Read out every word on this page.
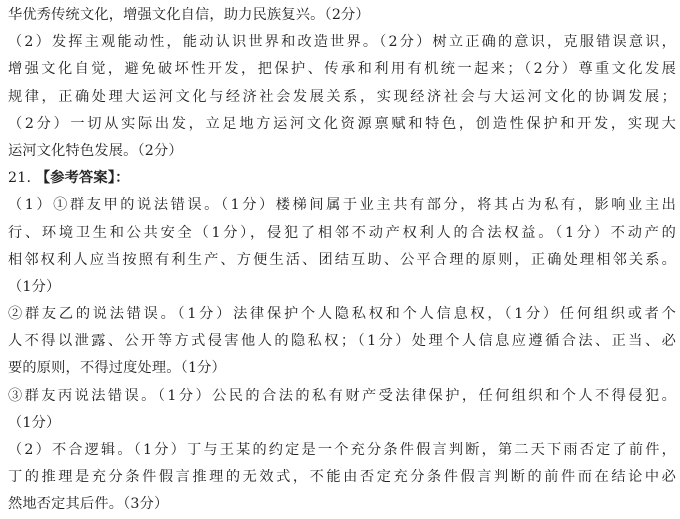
华优秀传统文化，增强文化自信，助力民族复兴。（2分）
（2）发挥主观能动性，能动认识世界和改造世界。（2分）树立正确的意识，克服错误意识，
增强文化自觉，避免破坏性开发，把保护、传承和利用有机统一起来；（2分）尊重文化发展
规律，正确处理大运河文化与经济社会发展关系，实现经济社会与大运河文化的协调发展；
（2分）一切从实际出发，立足地方运河文化资源禀赋和特色，创造性保护和开发，实现大
运河文化特色发展。（2分）
21. 【参考答案】：
（1）①群友甲的说法错误。（1分）楼梯间属于业主共有部分，将其占为私有，影响业主出
行、环境卫生和公共安全（1分），侵犯了相邻不动产权利人的合法权益。（1分）不动产的
相邻权利人应当按照有利生产、方便生活、团结互助、公平合理的原则，正确处理相邻关系。
（1分）
②群友乙的说法错误。（1分）法律保护个人隐私权和个人信息权，（1分）任何组织或者个
人不得以泄露、公开等方式侵害他人的隐私权；（1分）处理个人信息应遵循合法、正当、必
要的原则，不得过度处理。（1分）
③群友丙说法错误。（1分）公民的合法的私有财产受法律保护，任何组织和个人不得侵犯。
（1分）
（2）不合逻辑。（1分）丁与王某的约定是一个充分条件假言判断，第二天下雨否定了前件，
丁的推理是充分条件假言推理的无效式，不能由否定充分条件假言判断的前件而在结论中必
然地否定其后件。（3分）
